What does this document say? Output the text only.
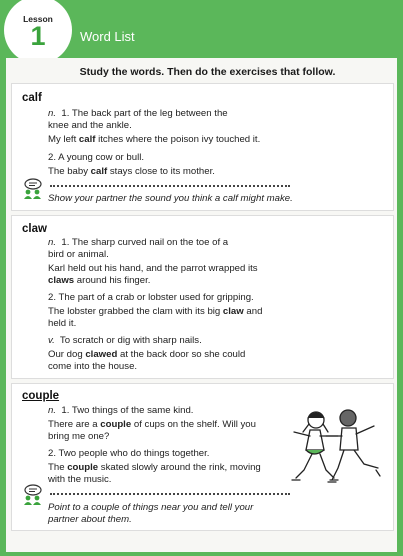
Lesson
1	Word List
Study the words. Then do the exercises that follow.
calf
n. 1. The back part of the leg between the
knee and the ankle.
My left calf itches where the poison ivy touched it.
2. A young cow or bull.
The baby calf stays close to its mother.
Show your partner the sound you think a calf might make.
claw
n. 1. The sharp curved nail on the toe of a
bird or animal.
Karl held out his hand, and the parrot wrapped its
claws around his finger.
2. The part of a crab or lobster used for gripping.
The lobster grabbed the clam with its big claw and
held it.
v. To scratch or dig with sharp nails.
Our dog clawed at the back door so she could
come into the house.
couple
n. 1. Two things of the same kind.
There are a couple of cups on the shelf. Will you
bring me one?
2. Two people who do things together.
The couple skated slowly around the rink, moving
with the music.
Point to a couple of things near you and tell your
partner about them.
